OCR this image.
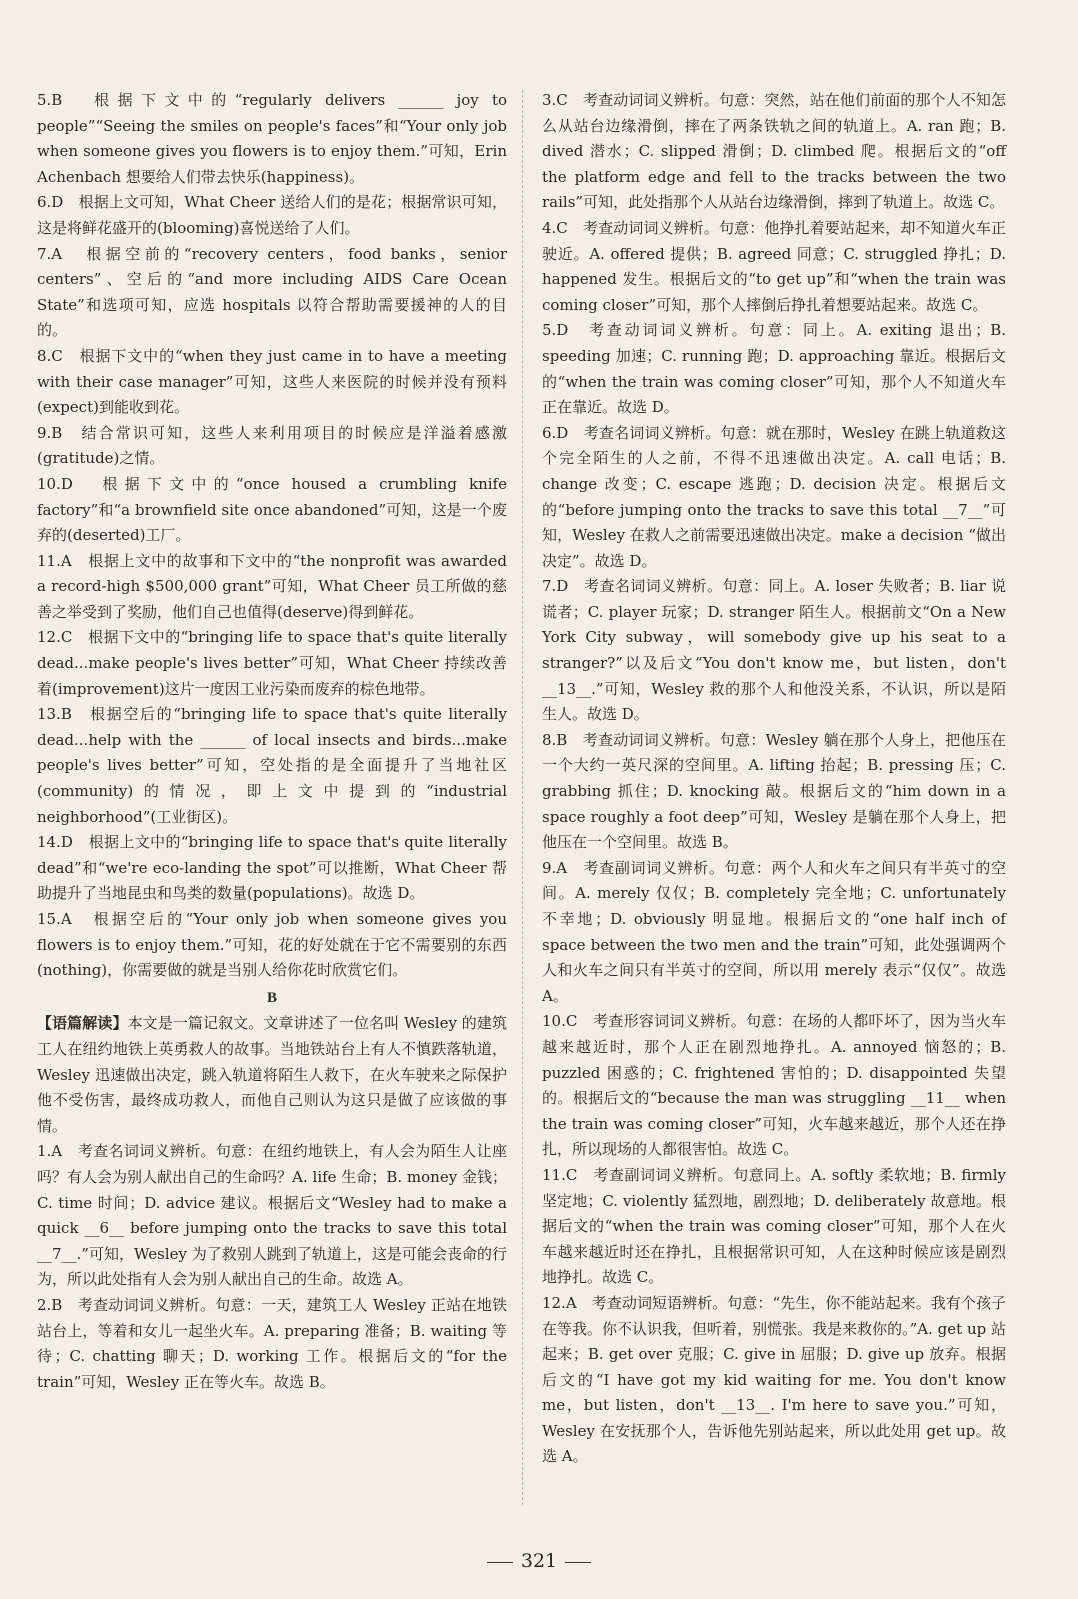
5.B　根据下文中的“regularly delivers ______ joy to people”“Seeing the smiles on people's faces”和“Your only job when someone gives you flowers is to enjoy them.”可知，Erin Achenbach 想要给人们带去快乐(happiness)。

6.D　根据上文可知，What Cheer 送给人们的是花；根据常识可知，这是将鲜花盛开的(blooming)喜悦送给了人们。

7.A　根据空前的“recovery centers，food banks，senior centers”、空后的“and more including AIDS Care Ocean State”和选项可知，应选 hospitals 以符合帮助需要援神的人的目的。

8.C　根据下文中的“when they just came in to have a meeting with their case manager”可知，这些人来医院的时候并没有预料(expect)到能收到花。

9.B　结合常识可知，这些人来利用项目的时候应是洋溢着感激(gratitude)之情。

10.D　根据下文中的“once housed a crumbling knife factory”和“a brownfield site once abandoned”可知，这是一个废弃的(deserted)工厂。

11.A　根据上文中的故事和下文中的“the nonprofit was awarded a record-high $500,000 grant”可知，What Cheer 员工所做的慈善之举受到了奖励，他们自己也值得(deserve)得到鲜花。

12.C　根据下文中的“bringing life to space that's quite literally dead...make people's lives better”可知，What Cheer 持续改善着(improvement)这片一度因工业污染而废弃的棕色地带。

13.B　根据空后的“bringing life to space that's quite literally dead...help with the ______ of local insects and birds...make people's lives better”可知，空处指的是全面提升了当地社区(community)的情况，即上文中提到的“industrial neighborhood”(工业街区)。

14.D　根据上文中的“bringing life to space that's quite literally dead”和“we're eco-landing the spot”可以推断，What Cheer 帮助提升了当地昆虫和鸟类的数量(populations)。故选 D。

15.A　根据空后的“Your only job when someone gives you flowers is to enjoy them.”可知，花的好处就在于它不需要别的东西(nothing)，你需要做的就是当别人给你花时欣赏它们。

B

【语篇解读】本文是一篇记叙文。文章讲述了一位名叫 Wesley 的建筑工人在纽约地铁上英勇救人的故事。当地铁站台上有人不慎跌落轨道，Wesley 迅速做出决定，跳入轨道将陌生人救下，在火车驶来之际保护他不受伤害，最终成功救人，而他自己则认为这只是做了应该做的事情。

1.A　考查名词词义辨析。句意：在纽约地铁上，有人会为陌生人让座吗？有人会为别人献出自己的生命吗？A. life 生命；B. money 金钱；C. time 时间；D. advice 建议。根据后文“Wesley had to make a quick __6__ before jumping onto the tracks to save this total __7__.”可知，Wesley 为了救别人跳到了轨道上，这是可能会丧命的行为，所以此处指有人会为别人献出自己的生命。故选 A。

2.B　考查动词词义辨析。句意：一天，建筑工人 Wesley 正站在地铁站台上，等着和女儿一起坐火车。A. preparing 准备；B. waiting 等待；C. chatting 聊天；D. working 工作。根据后文的“for the train”可知，Wesley 正在等火车。故选 B。

3.C　考查动词词义辨析。句意：突然，站在他们前面的那个人不知怎么从站台边缘滑倒，摔在了两条铁轨之间的轨道上。A. ran 跑；B. dived 潜水；C. slipped 滑倒；D. climbed 爬。根据后文的“off the platform edge and fell to the tracks between the two rails”可知，此处指那个人从站台边缘滑倒，摔到了轨道上。故选 C。

4.C　考查动词词义辨析。句意：他挣扎着要站起来，却不知道火车正驶近。A. offered 提供；B. agreed 同意；C. struggled 挣扎；D. happened 发生。根据后文的“to get up”和“when the train was coming closer”可知，那个人摔倒后挣扎着想要站起来。故选 C。

5.D　考查动词词义辨析。句意：同上。A. exiting 退出；B. speeding 加速；C. running 跑；D. approaching 靠近。根据后文的“when the train was coming closer”可知，那个人不知道火车正在靠近。故选 D。

6.D　考查名词词义辨析。句意：就在那时，Wesley 在跳上轨道救这个完全陌生的人之前，不得不迅速做出决定。A. call 电话；B. change 改变；C. escape 逃跑；D. decision 决定。根据后文的“before jumping onto the tracks to save this total __7__”可知，Wesley 在救人之前需要迅速做出决定。make a decision “做出决定”。故选 D。

7.D　考查名词词义辨析。句意：同上。A. loser 失败者；B. liar 说谎者；C. player 玩家；D. stranger 陌生人。根据前文“On a New York City subway，will somebody give up his seat to a stranger?”以及后文“You don't know me，but listen，don't __13__.”可知，Wesley 救的那个人和他没关系，不认识，所以是陌生人。故选 D。

8.B　考查动词词义辨析。句意：Wesley 躺在那个人身上，把他压在一个大约一英尺深的空间里。A. lifting 抬起；B. pressing 压；C. grabbing 抓住；D. knocking 敲。根据后文的“him down in a space roughly a foot deep”可知，Wesley 是躺在那个人身上，把他压在一个空间里。故选 B。

9.A　考查副词词义辨析。句意：两个人和火车之间只有半英寸的空间。A. merely 仅仅；B. completely 完全地；C. unfortunately 不幸地；D. obviously 明显地。根据后文的“one half inch of space between the two men and the train”可知，此处强调两个人和火车之间只有半英寸的空间，所以用 merely 表示“仅仅”。故选 A。

10.C　考查形容词词义辨析。句意：在场的人都吓坏了，因为当火车越来越近时，那个人正在剧烈地挣扎。A. annoyed 恼怒的；B. puzzled 困惑的；C. frightened 害怕的；D. disappointed 失望的。根据后文的“because the man was struggling __11__ when the train was coming closer”可知，火车越来越近，那个人还在挣扎，所以现场的人都很害怕。故选 C。

11.C　考查副词词义辨析。句意同上。A. softly 柔软地；B. firmly 坚定地；C. violently 猛烈地，剧烈地；D. deliberately 故意地。根据后文的“when the train was coming closer”可知，那个人在火车越来越近时还在挣扎，且根据常识可知，人在这种时候应该是剧烈地挣扎。故选 C。

12.A　考查动词短语辨析。句意：“先生，你不能站起来。我有个孩子在等我。你不认识我，但听着，别慌张。我是来救你的。”A. get up 站起来；B. get over 克服；C. give in 屈服；D. give up 放弃。根据后文的“I have got my kid waiting for me. You don't know me，but listen，don't __13__. I'm here to save you.”可知，Wesley 在安抚那个人，告诉他先别站起来，所以此处用 get up。故选 A。

321
